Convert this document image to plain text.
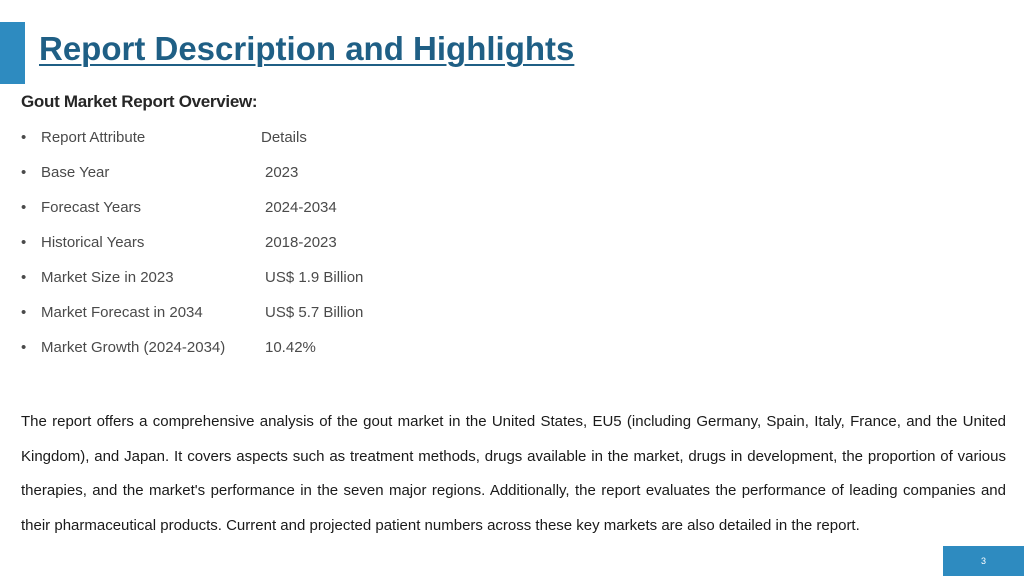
Report Description and Highlights
Gout Market Report Overview:
• Report Attribute	Details
• Base Year	2023
• Forecast Years	2024-2034
• Historical Years	2018-2023
• Market Size in 2023	US$ 1.9 Billion
• Market Forecast in 2034	US$ 5.7 Billion
• Market Growth (2024-2034)	10.42%

The report offers a comprehensive analysis of the gout market in the United States, EU5 (including Germany, Spain, Italy, France, and the United Kingdom), and Japan. It covers aspects such as treatment methods, drugs available in the market, drugs in development, the proportion of various therapies, and the market's performance in the seven major regions. Additionally, the report evaluates the performance of leading companies and their pharmaceutical products. Current and projected patient numbers across these key markets are also detailed in the report.

3
